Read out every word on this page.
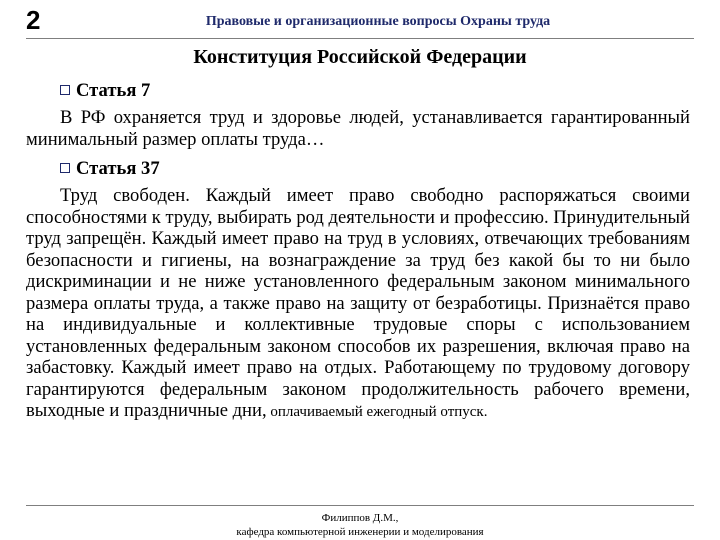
2	Правовые и организационные вопросы Охраны труда
Конституция Российской Федерации
Статья 7

В РФ охраняется труд и здоровье людей, устанавливается гарантированный минимальный размер оплаты труда…

Статья 37

Труд свободен. Каждый имеет право свободно распоряжаться своими способностями к труду, выбирать род деятельности и профессию. Принудительный труд запрещён. Каждый имеет право на труд в условиях, отвечающих требованиям безопасности и гигиены, на вознаграждение за труд без какой бы то ни было дискриминации и не ниже установленного федеральным законом минимального размера оплаты труда, а также право на защиту от безработицы. Признаётся право на индивидуальные и коллективные трудовые споры с использованием установленных федеральным законом способов их разрешения, включая право на забастовку. Каждый имеет право на отдых. Работающему по трудовому договору гарантируются федеральным законом продолжительность рабочего времени, выходные и праздничные дни, оплачиваемый ежегодный отпуск.

Филиппов Д.М.,
кафедра компьютерной инженерии и моделирования
